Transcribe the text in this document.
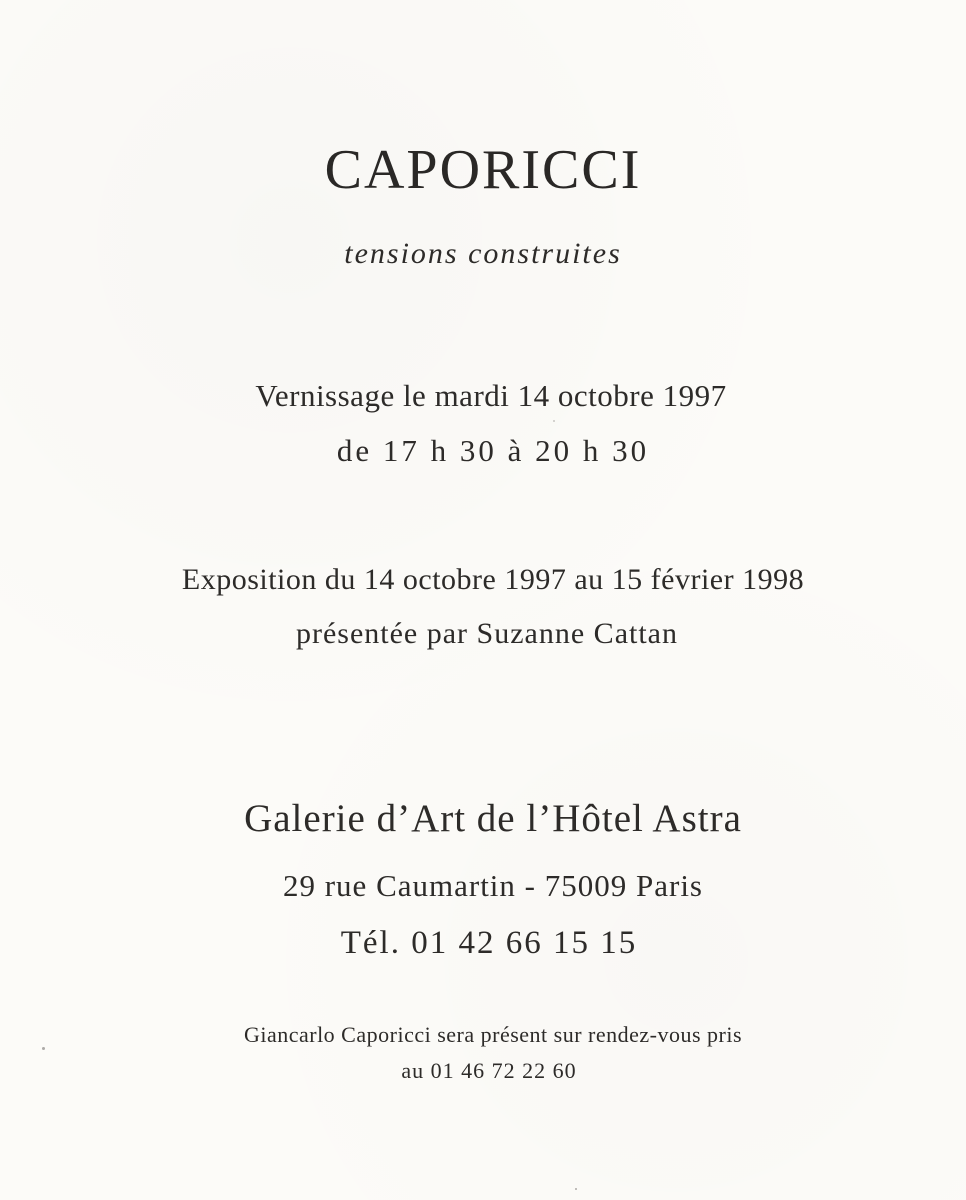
CAPORICCI
tensions construites
Vernissage le mardi 14 octobre 1997
de 17 h 30 à 20 h 30
Exposition du 14 octobre 1997 au 15 février 1998
présentée par Suzanne Cattan
Galerie d’Art de l’Hôtel Astra
29 rue Caumartin - 75009 Paris
Tél. 01 42 66 15 15
Giancarlo Caporicci sera présent sur rendez-vous pris
au 01 46 72 22 60
